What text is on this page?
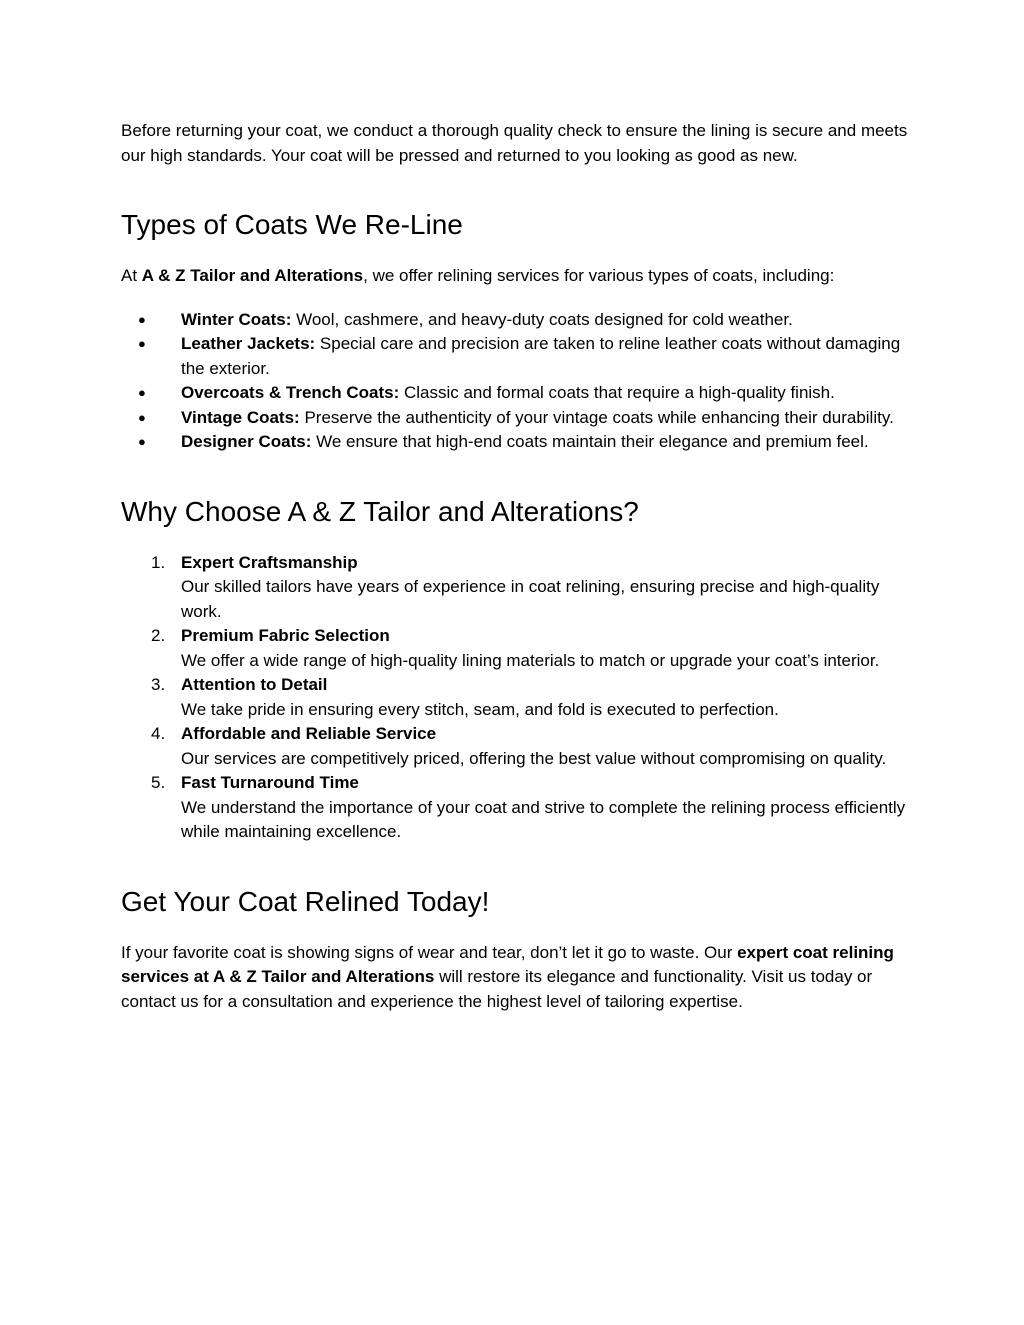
Before returning your coat, we conduct a thorough quality check to ensure the lining is secure and meets our high standards. Your coat will be pressed and returned to you looking as good as new.

Types of Coats We Re-Line

At A & Z Tailor and Alterations, we offer relining services for various types of coats, including:

● Winter Coats: Wool, cashmere, and heavy-duty coats designed for cold weather.
● Leather Jackets: Special care and precision are taken to reline leather coats without damaging the exterior.
● Overcoats & Trench Coats: Classic and formal coats that require a high-quality finish.
● Vintage Coats: Preserve the authenticity of your vintage coats while enhancing their durability.
● Designer Coats: We ensure that high-end coats maintain their elegance and premium feel.
Why Choose A & Z Tailor and Alterations?
1. Expert Craftsmanship
Our skilled tailors have years of experience in coat relining, ensuring precise and high-quality work.
2. Premium Fabric Selection
We offer a wide range of high-quality lining materials to match or upgrade your coat’s interior.
3. Attention to Detail
We take pride in ensuring every stitch, seam, and fold is executed to perfection.
4. Affordable and Reliable Service
Our services are competitively priced, offering the best value without compromising on quality.
5. Fast Turnaround Time
We understand the importance of your coat and strive to complete the relining process efficiently while maintaining excellence.
Get Your Coat Relined Today!

If your favorite coat is showing signs of wear and tear, don’t let it go to waste. Our expert coat relining services at A & Z Tailor and Alterations will restore its elegance and functionality. Visit us today or contact us for a consultation and experience the highest level of tailoring expertise.
